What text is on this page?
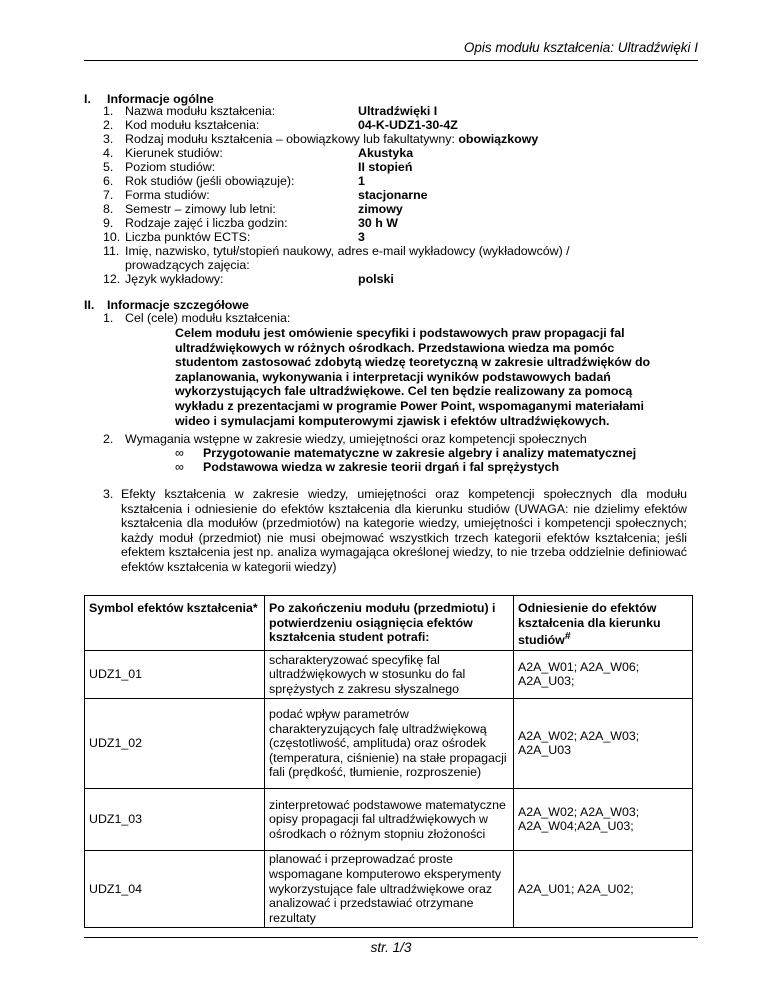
Opis modułu kształcenia: Ultradźwięki I
I. Informacje ogólne
1. Nazwa modułu kształcenia:	Ultradźwięki I
2. Kod modułu kształcenia:	04-K-UDZ1-30-4Z
3. Rodzaj modułu kształcenia – obowiązkowy lub fakultatywny: obowiązkowy
4. Kierunek studiów:	Akustyka
5. Poziom studiów:	II stopień
6. Rok studiów (jeśli obowiązuje):	1
7. Forma studiów:	stacjonarne
8. Semestr – zimowy lub letni:	zimowy
9. Rodzaje zajęć i liczba godzin:	30 h W
10. Liczba punktów ECTS:	3
11. Imię, nazwisko, tytuł/stopień naukowy, adres e-mail wykładowcy (wykładowców) /
prowadzących zajęcia:
12. Język wykładowy:	polski
II. Informacje szczegółowe
1. Cel (cele) modułu kształcenia:
Celem modułu jest omówienie specyfiki i podstawowych praw propagacji fal
ultradźwiękowych w różnych ośrodkach. Przedstawiona wiedza ma pomóc
studentom zastosować zdobytą wiedzę teoretyczną w zakresie ultradźwięków do
zaplanowania, wykonywania i interpretacji wyników podstawowych badań
wykorzystujących fale ultradźwiękowe. Cel ten będzie realizowany za pomocą
wykładu z prezentacjami w programie Power Point, wspomaganymi materiałami
wideo i symulacjami komputerowymi zjawisk i efektów ultradźwiękowych.
2. Wymagania wstępne w zakresie wiedzy, umiejętności oraz kompetencji społecznych
∞ Przygotowanie matematyczne w zakresie algebry i analizy matematycznej
∞ Podstawowa wiedza w zakresie teorii drgań i fal sprężystych
3. Efekty kształcenia w zakresie wiedzy, umiejętności oraz kompetencji społecznych dla modułu kształcenia i odniesienie do efektów kształcenia dla kierunku studiów (UWAGA: nie dzielimy efektów kształcenia dla modułów (przedmiotów) na kategorie wiedzy, umiejętności i kompetencji społecznych; każdy moduł (przedmiot) nie musi obejmować wszystkich trzech kategorii efektów kształcenia; jeśli efektem kształcenia jest np. analiza wymagająca określonej wiedzy, to nie trzeba oddzielnie definiować efektów kształcenia w kategorii wiedzy)
Symbol efektów kształcenia*	Po zakończeniu modułu (przedmiotu) i potwierdzeniu osiągnięcia efektów kształcenia student potrafi:	Odniesienie do efektów kształcenia dla kierunku studiów#
UDZ1_01	scharakteryzować specyfikę fal ultradźwiękowych w stosunku do fal sprężystych z zakresu słyszalnego	A2A_W01; A2A_W06; A2A_U03;
UDZ1_02	podać wpływ parametrów charakteryzujących falę ultradźwiękową (częstotliwość, amplituda) oraz ośrodek (temperatura, ciśnienie) na stałe propagacji fali (prędkość, tłumienie, rozproszenie)	A2A_W02; A2A_W03; A2A_U03
UDZ1_03	zinterpretować podstawowe matematyczne opisy propagacji fal ultradźwiękowych w ośrodkach o różnym stopniu złożoności	A2A_W02; A2A_W03; A2A_W04;A2A_U03;
UDZ1_04	planować i przeprowadzać proste wspomagane komputerowo eksperymenty wykorzystujące fale ultradźwiękowe oraz analizować i przedstawiać otrzymane rezultaty	A2A_U01; A2A_U02;
str. 1/3
